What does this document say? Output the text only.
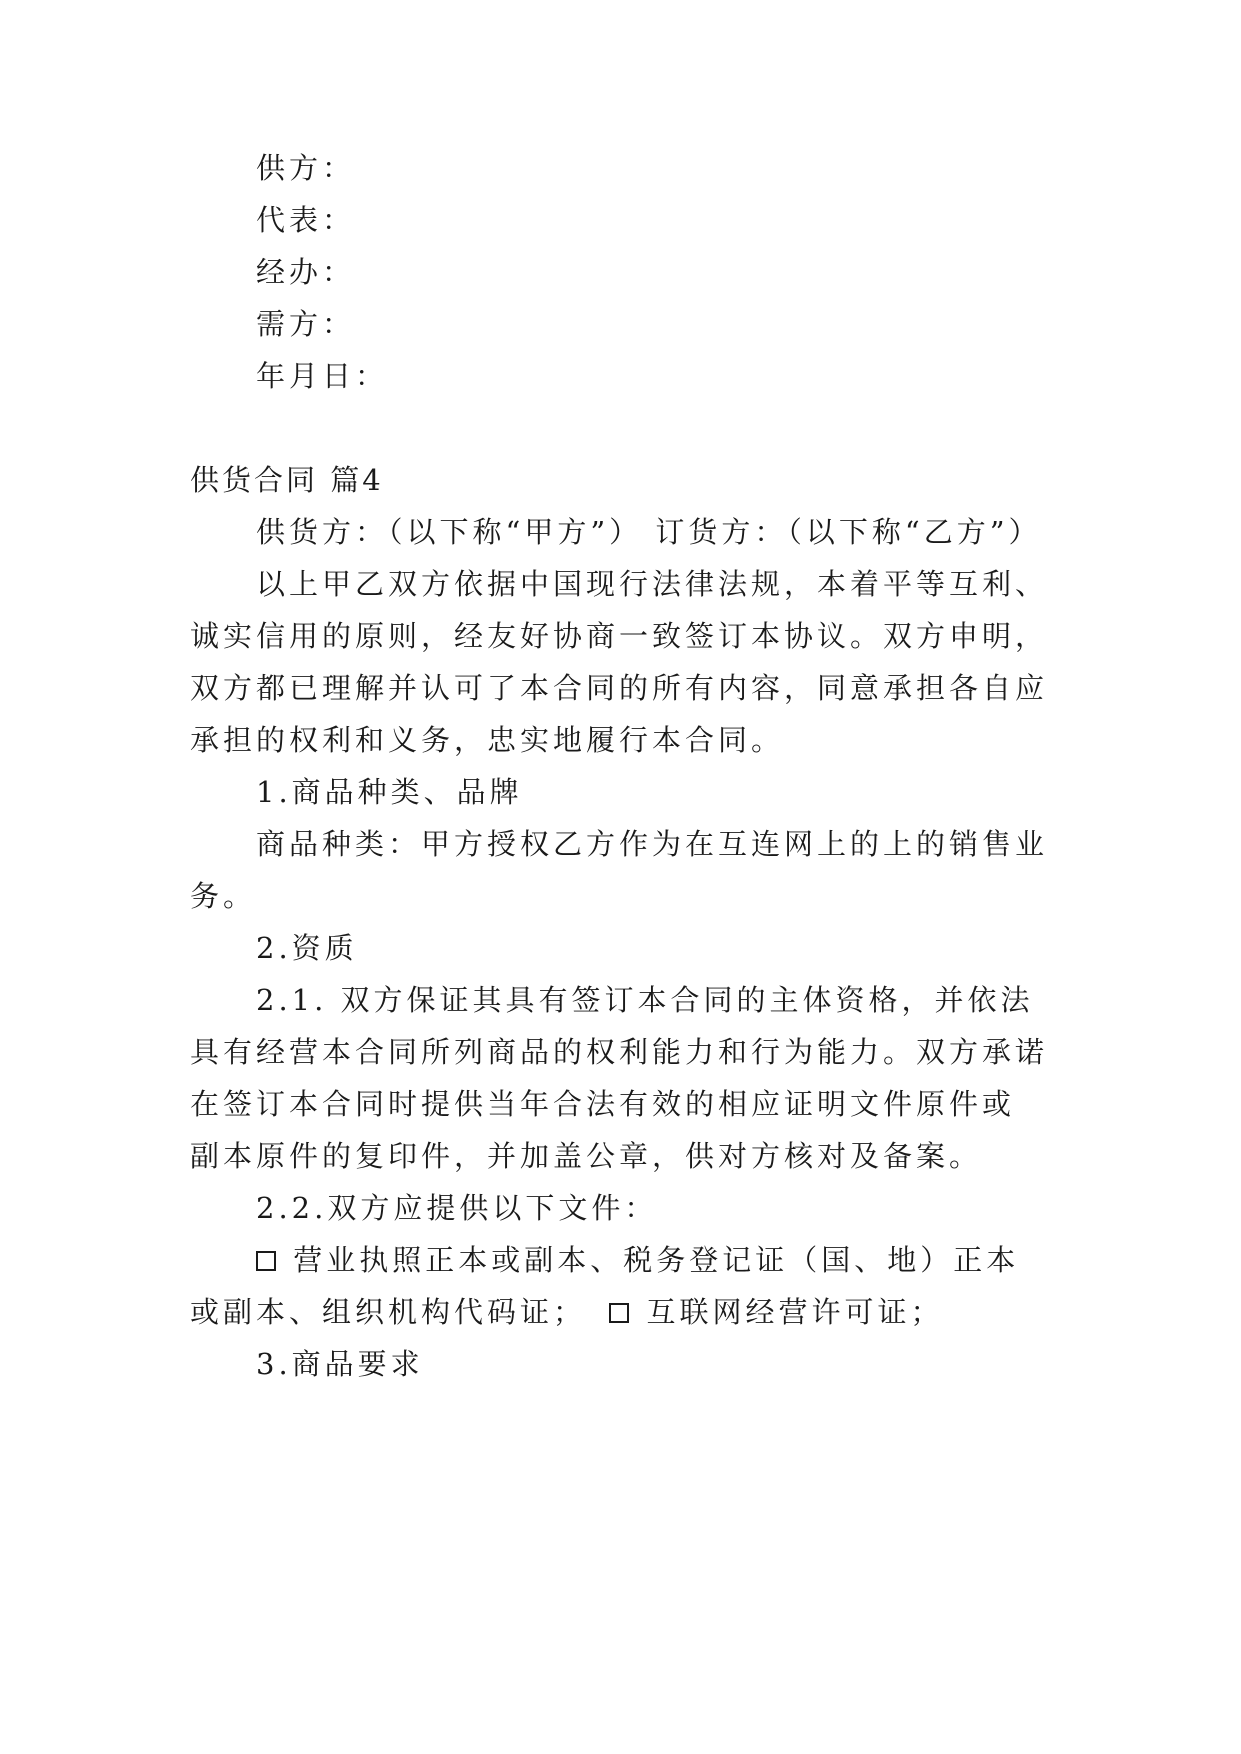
供方：
代表：
经办：
需方：
年月日：
供货合同 篇4
供货方：（以下称“甲方”） 订货方：（以下称“乙方”）
以上甲乙双方依据中国现行法律法规，本着平等互利、
诚实信用的原则，经友好协商一致签订本协议。双方申明，
双方都已理解并认可了本合同的所有内容，同意承担各自应
承担的权利和义务，忠实地履行本合同。
1.商品种类、品牌
商品种类：甲方授权乙方作为在互连网上的上的销售业
务。
2.资质
2.1. 双方保证其具有签订本合同的主体资格，并依法
具有经营本合同所列商品的权利能力和行为能力。双方承诺
在签订本合同时提供当年合法有效的相应证明文件原件或
副本原件的复印件，并加盖公章，供对方核对及备案。
2.2.双方应提供以下文件：
营业执照正本或副本、税务登记证（国、地）正本
或副本、组织机构代码证； 互联网经营许可证；
3.商品要求
